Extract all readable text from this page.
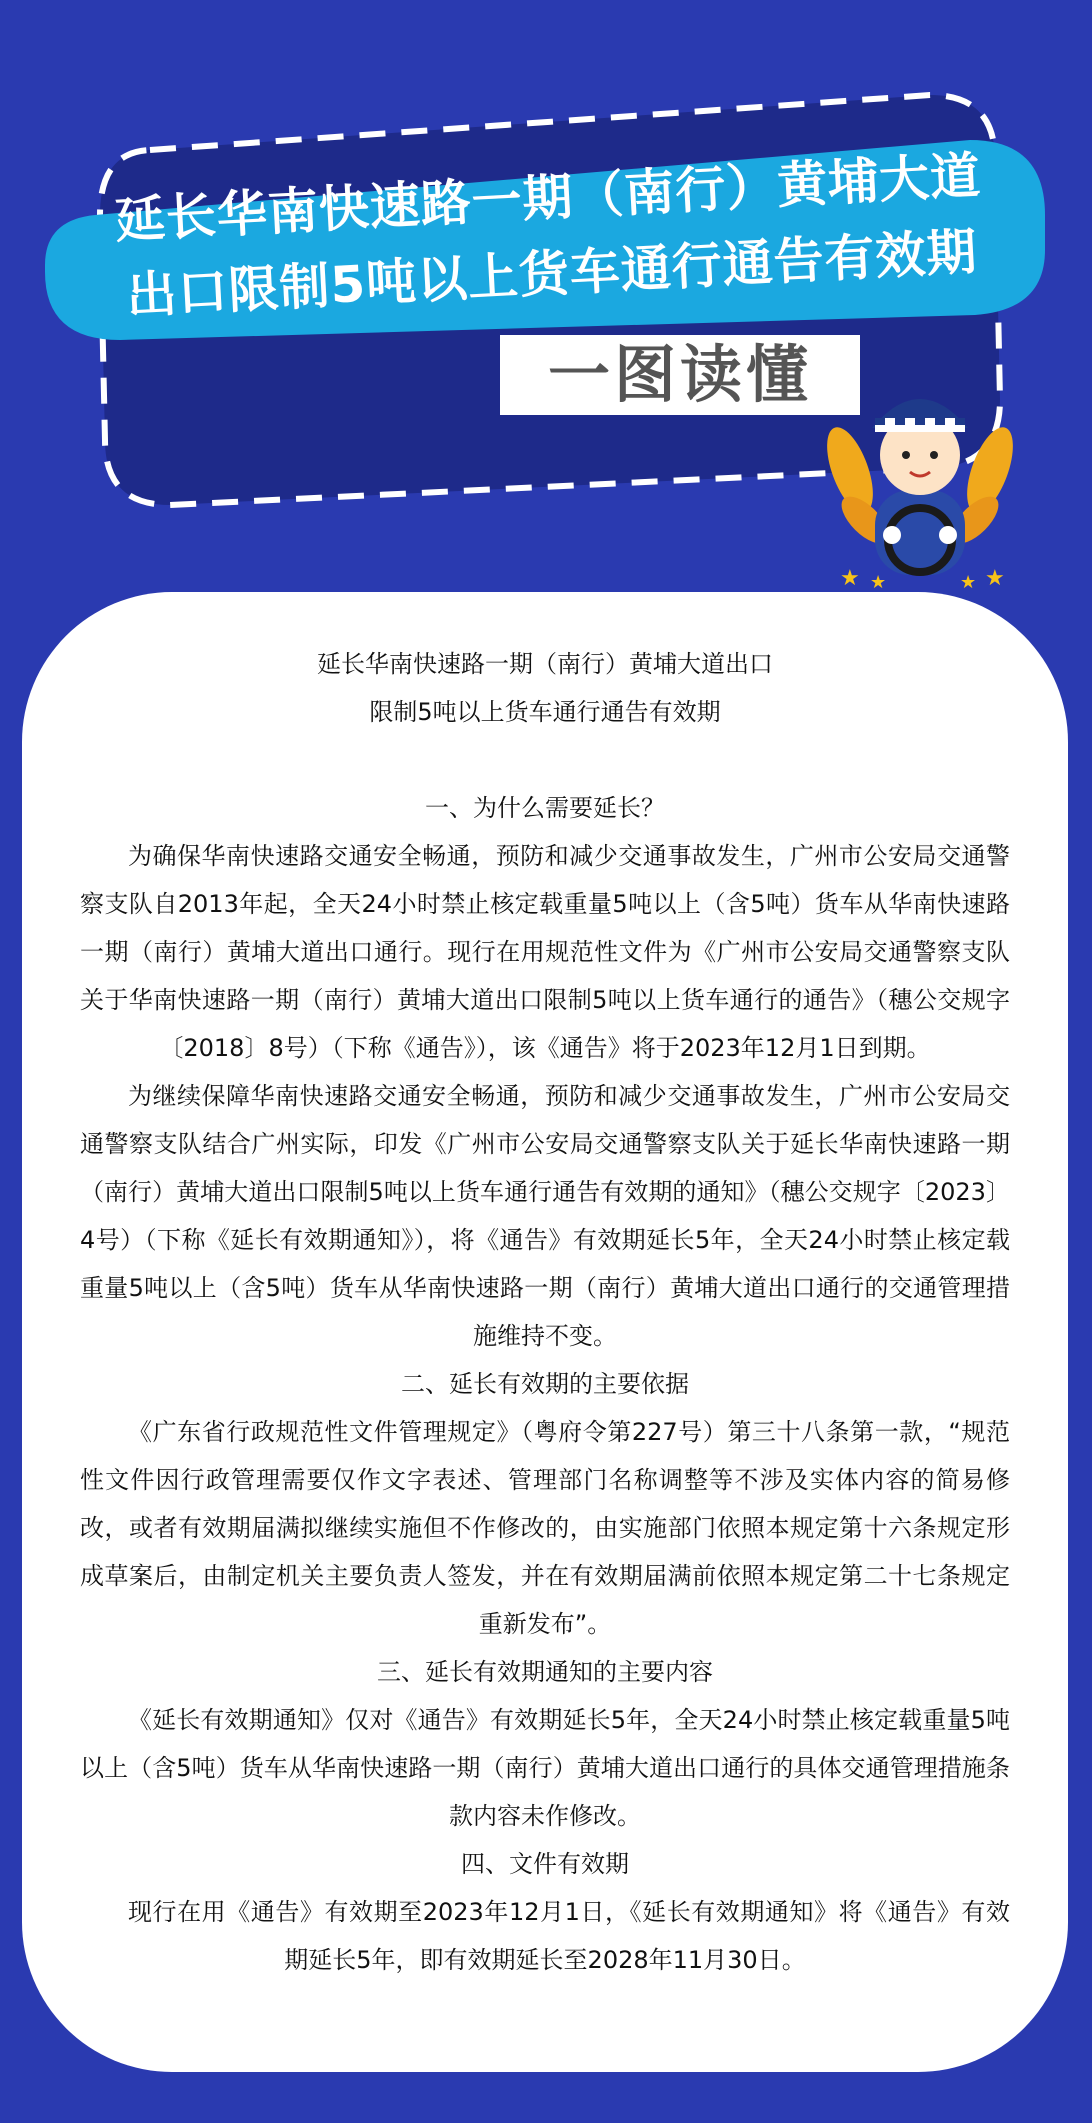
延长华南快速路一期（南行）黄埔大道
出口限制5吨以上货车通行通告有效期
一图读懂
★ ★	★ ★
延长华南快速路一期（南行）黄埔大道出口
限制5吨以上货车通行通告有效期
一、为什么需要延长？
为确保华南快速路交通安全畅通，预防和减少交通事故发生，广州市公安局交通警察支队自2013年起，全天24小时禁止核定载重量5吨以上（含5吨）货车从华南快速路一期（南行）黄埔大道出口通行。现行在用规范性文件为《广州市公安局交通警察支队关于华南快速路一期（南行）黄埔大道出口限制5吨以上货车通行的通告》（穗公交规字〔2018〕8号）（下称《通告》），该《通告》将于2023年12月1日到期。
为继续保障华南快速路交通安全畅通，预防和减少交通事故发生，广州市公安局交通警察支队结合广州实际，印发《广州市公安局交通警察支队关于延长华南快速路一期（南行）黄埔大道出口限制5吨以上货车通行通告有效期的通知》（穗公交规字〔2023〕4号）（下称《延长有效期通知》），将《通告》有效期延长5年，全天24小时禁止核定载重量5吨以上（含5吨）货车从华南快速路一期（南行）黄埔大道出口通行的交通管理措施维持不变。
二、延长有效期的主要依据
《广东省行政规范性文件管理规定》（粤府令第227号）第三十八条第一款，“规范性文件因行政管理需要仅作文字表述、管理部门名称调整等不涉及实体内容的简易修改，或者有效期届满拟继续实施但不作修改的，由实施部门依照本规定第十六条规定形成草案后，由制定机关主要负责人签发，并在有效期届满前依照本规定第二十七条规定重新发布”。
三、延长有效期通知的主要内容
《延长有效期通知》仅对《通告》有效期延长5年，全天24小时禁止核定载重量5吨以上（含5吨）货车从华南快速路一期（南行）黄埔大道出口通行的具体交通管理措施条款内容未作修改。
四、文件有效期
现行在用《通告》有效期至2023年12月1日，《延长有效期通知》将《通告》有效期延长5年，即有效期延长至2028年11月30日。
